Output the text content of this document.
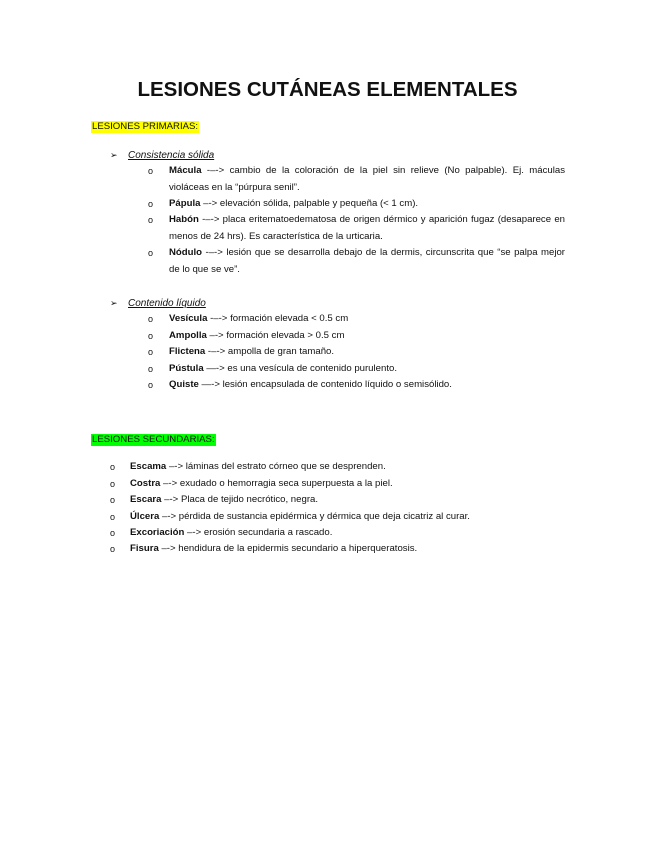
LESIONES CUTÁNEAS ELEMENTALES
LESIONES PRIMARIAS:
➢ Consistencia sólida
o Mácula -–-> cambio de la coloración de la piel sin relieve (No palpable). Ej. máculas violáceas en la “púrpura senil”.
o Pápula –-> elevación sólida, palpable y pequeña (< 1 cm).
o Habón -–-> placa eritematoedematosa de origen dérmico y aparición fugaz (desaparece en menos de 24 hrs). Es característica de la urticaria.
o Nódulo -–-> lesión que se desarrolla debajo de la dermis, circunscrita que “se palpa mejor de lo que se ve”.
➢ Contenido líquido
o Vesícula -–-> formación elevada < 0.5 cm
o Ampolla –-> formación elevada > 0.5 cm
o Flictena -–-> ampolla de gran tamaño.
o Pústula —-> es una vesícula de contenido purulento.
o Quiste —-> lesión encapsulada de contenido líquido o semisólido.
LESIONES SECUNDARIAS:
o Escama –-> láminas del estrato córneo que se desprenden.
o Costra –-> exudado o hemorragia seca superpuesta a la piel.
o Escara –-> Placa de tejido necrótico, negra.
o Úlcera –-> pérdida de sustancia epidérmica y dérmica que deja cicatriz al curar.
o Excoriación –-> erosión secundaria a rascado.
o Fisura –-> hendidura de la epidermis secundario a hiperqueratosis.
